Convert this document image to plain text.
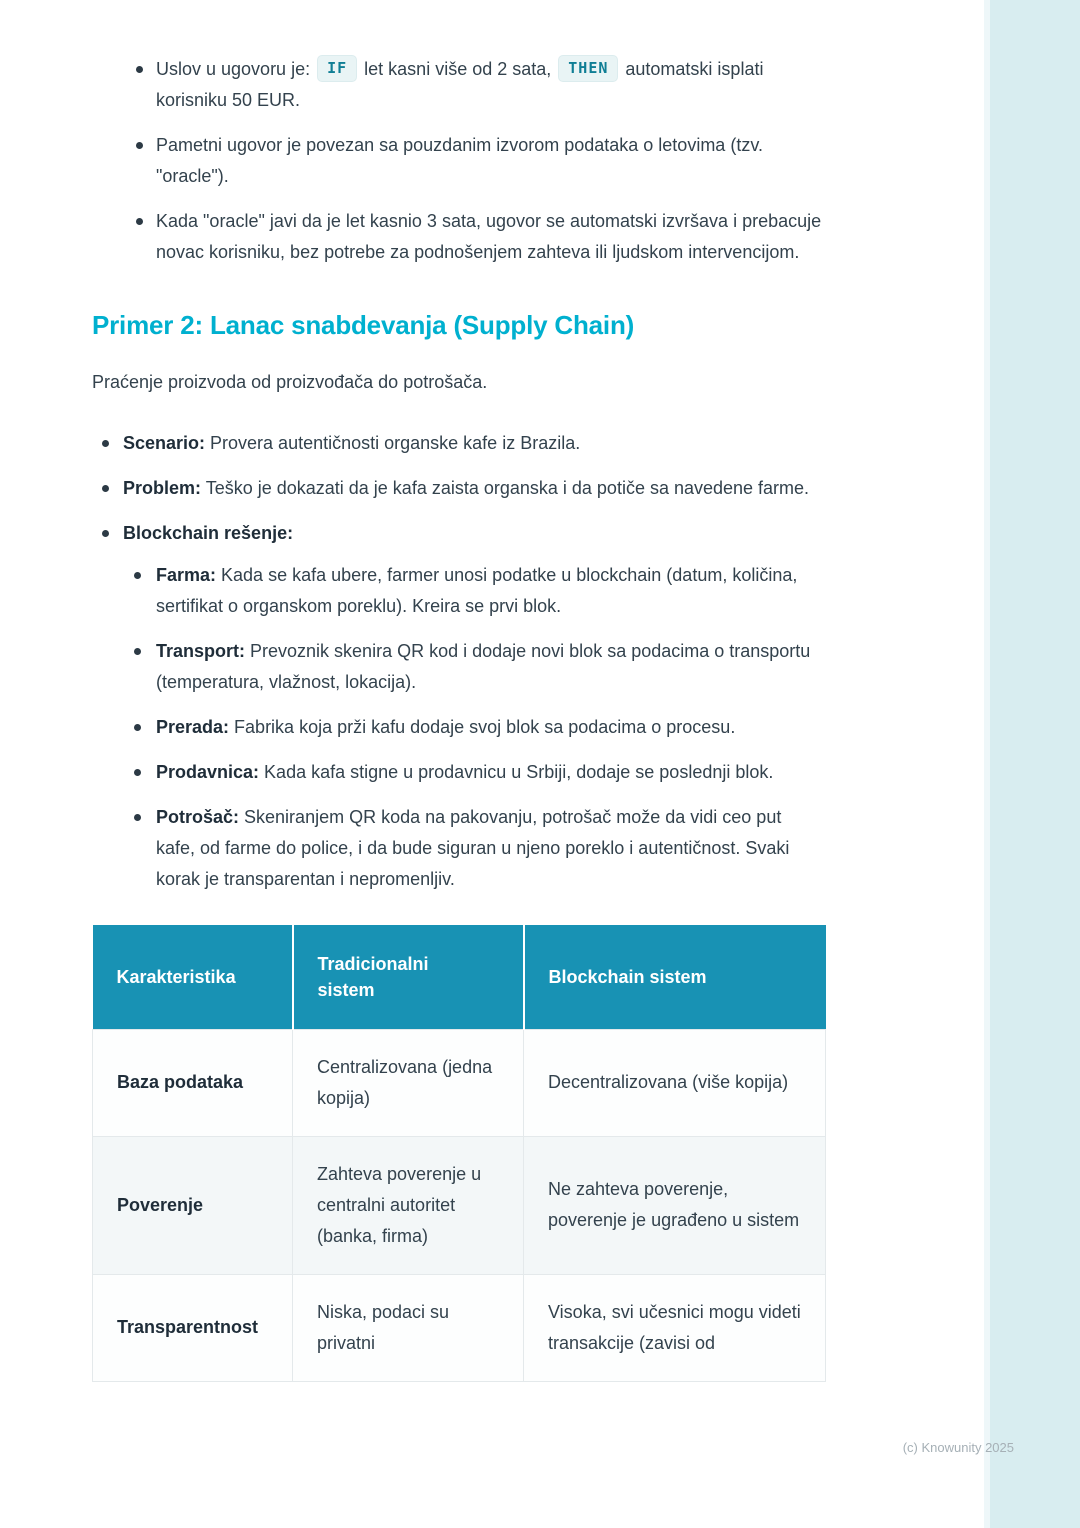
Uslov u ugovoru je: IF let kasni više od 2 sata, THEN automatski isplati korisniku 50 EUR.
Pametni ugovor je povezan sa pouzdanim izvorom podataka o letovima (tzv. "oracle").
Kada "oracle" javi da je let kasnio 3 sata, ugovor se automatski izvršava i prebacuje novac korisniku, bez potrebe za podnošenjem zahteva ili ljudskom intervencijom.
Primer 2: Lanac snabdevanja (Supply Chain)

Praćenje proizvoda od proizvođača do potrošača.

Scenario: Provera autentičnosti organske kafe iz Brazila.
Problem: Teško je dokazati da je kafa zaista organska i da potiče sa navedene farme.
Blockchain rešenje:
Farma: Kada se kafa ubere, farmer unosi podatke u blockchain (datum, količina, sertifikat o organskom poreklu). Kreira se prvi blok.
Transport: Prevoznik skenira QR kod i dodaje novi blok sa podacima o transportu (temperatura, vlažnost, lokacija).
Prerada: Fabrika koja prži kafu dodaje svoj blok sa podacima o procesu.
Prodavnica: Kada kafa stigne u prodavnicu u Srbiji, dodaje se poslednji blok.
Potrošač: Skeniranjem QR koda na pakovanju, potrošač može da vidi ceo put kafe, od farme do police, i da bude siguran u njeno poreklo i autentičnost. Svaki korak je transparentan i nepromenljiv.
Karakteristika	Tradicionalni sistem	Blockchain sistem
Baza podataka	Centralizovana (jedna kopija)	Decentralizovana (više kopija)
Poverenje	Zahteva poverenje u centralni autoritet (banka, firma)	Ne zahteva poverenje, poverenje je ugrađeno u sistem
Transparentnost	Niska, podaci su privatni	Visoka, svi učesnici mogu videti transakcije (zavisi od
(c) Knowunity 2025
